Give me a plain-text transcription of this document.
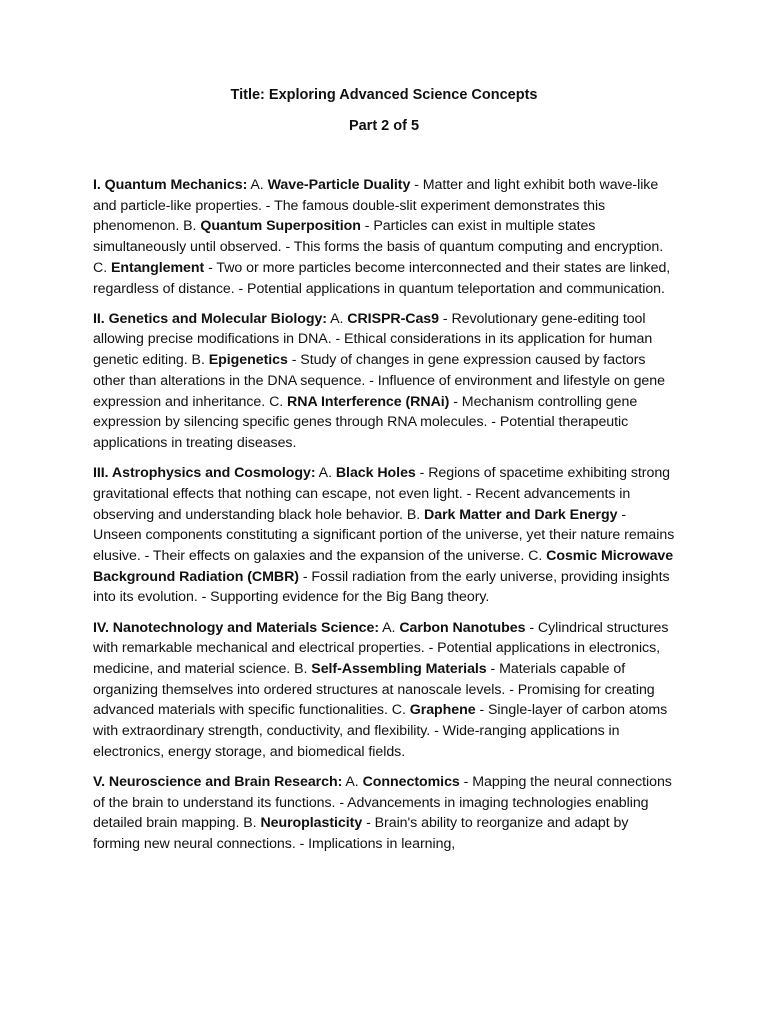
Title: Exploring Advanced Science Concepts

Part 2 of 5

I. Quantum Mechanics: A. Wave-Particle Duality - Matter and light exhibit both wave-like and particle-like properties. - The famous double-slit experiment demonstrates this phenomenon. B. Quantum Superposition - Particles can exist in multiple states simultaneously until observed. - This forms the basis of quantum computing and encryption. C. Entanglement - Two or more particles become interconnected and their states are linked, regardless of distance. - Potential applications in quantum teleportation and communication.

II. Genetics and Molecular Biology: A. CRISPR-Cas9 - Revolutionary gene-editing tool allowing precise modifications in DNA. - Ethical considerations in its application for human genetic editing. B. Epigenetics - Study of changes in gene expression caused by factors other than alterations in the DNA sequence. - Influence of environment and lifestyle on gene expression and inheritance. C. RNA Interference (RNAi) - Mechanism controlling gene expression by silencing specific genes through RNA molecules. - Potential therapeutic applications in treating diseases.

III. Astrophysics and Cosmology: A. Black Holes - Regions of spacetime exhibiting strong gravitational effects that nothing can escape, not even light. - Recent advancements in observing and understanding black hole behavior. B. Dark Matter and Dark Energy - Unseen components constituting a significant portion of the universe, yet their nature remains elusive. - Their effects on galaxies and the expansion of the universe. C. Cosmic Microwave Background Radiation (CMBR) - Fossil radiation from the early universe, providing insights into its evolution. - Supporting evidence for the Big Bang theory.

IV. Nanotechnology and Materials Science: A. Carbon Nanotubes - Cylindrical structures with remarkable mechanical and electrical properties. - Potential applications in electronics, medicine, and material science. B. Self-Assembling Materials - Materials capable of organizing themselves into ordered structures at nanoscale levels. - Promising for creating advanced materials with specific functionalities. C. Graphene - Single-layer of carbon atoms with extraordinary strength, conductivity, and flexibility. - Wide-ranging applications in electronics, energy storage, and biomedical fields.

V. Neuroscience and Brain Research: A. Connectomics - Mapping the neural connections of the brain to understand its functions. - Advancements in imaging technologies enabling detailed brain mapping. B. Neuroplasticity - Brain's ability to reorganize and adapt by forming new neural connections. - Implications in learning,
